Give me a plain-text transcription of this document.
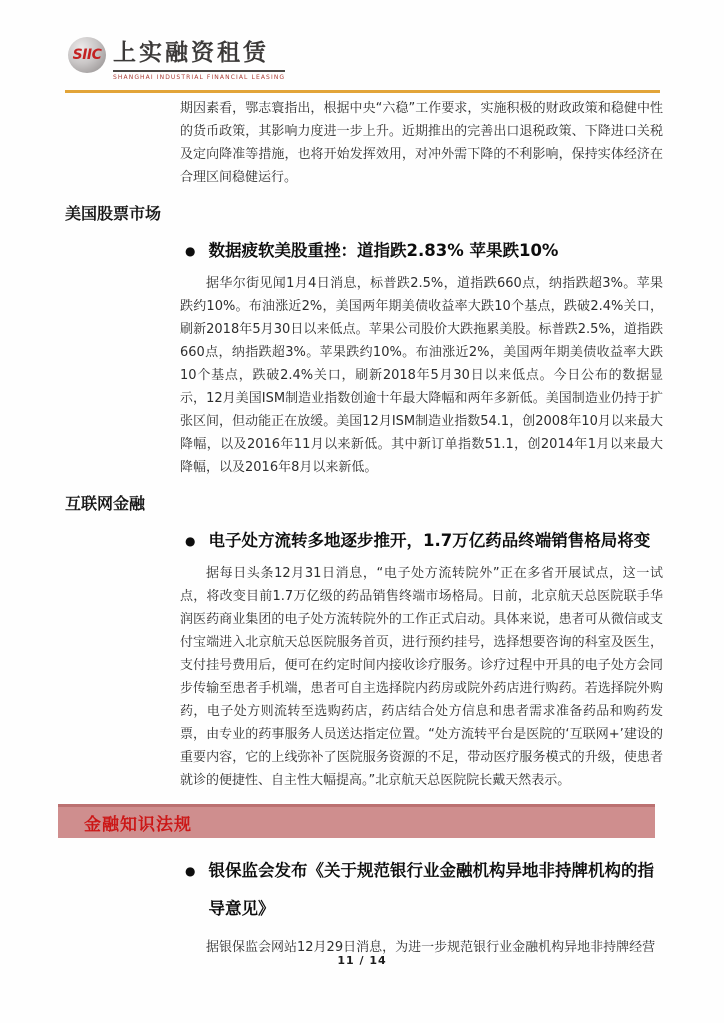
SIIC 上实融资租赁
SHANGHAI INDUSTRIAL FINANCIAL LEASING

期因素看，鄂志寰指出，根据中央“六稳”工作要求，实施积极的财政政策和稳健中性的货币政策，其影响力度进一步上升。近期推出的完善出口退税政策、下降进口关税及定向降准等措施，也将开始发挥效用，对冲外需下降的不利影响，保持实体经济在合理区间稳健运行。

美国股票市场
● 数据疲软美股重挫：道指跌2.83% 苹果跌10%

据华尔街见闻1月4日消息，标普跌2.5%，道指跌660点，纳指跌超3%。苹果跌约10%。布油涨近2%，美国两年期美债收益率大跌10个基点，跌破2.4%关口，刷新2018年5月30日以来低点。苹果公司股价大跌拖累美股。标普跌2.5%，道指跌660点，纳指跌超3%。苹果跌约10%。布油涨近2%，美国两年期美债收益率大跌10个基点，跌破2.4%关口，刷新2018年5月30日以来低点。今日公布的数据显示，12月美国ISM制造业指数创逾十年最大降幅和两年多新低。美国制造业仍持于扩张区间，但动能正在放缓。美国12月ISM制造业指数54.1，创2008年10月以来最大降幅，以及2016年11月以来新低。其中新订单指数51.1，创2014年1月以来最大降幅，以及2016年8月以来新低。

互联网金融
● 电子处方流转多地逐步推开，1.7万亿药品终端销售格局将变

据每日头条12月31日消息，“电子处方流转院外”正在多省开展试点，这一试点，将改变目前1.7万亿级的药品销售终端市场格局。日前，北京航天总医院联手华润医药商业集团的电子处方流转院外的工作正式启动。具体来说，患者可从微信或支付宝端进入北京航天总医院服务首页，进行预约挂号，选择想要咨询的科室及医生，支付挂号费用后，便可在约定时间内接收诊疗服务。诊疗过程中开具的电子处方会同步传输至患者手机端，患者可自主选择院内药房或院外药店进行购药。若选择院外购药，电子处方则流转至选购药店，药店结合处方信息和患者需求准备药品和购药发票，由专业的药事服务人员送达指定位置。“处方流转平台是医院的‘互联网+’建设的重要内容，它的上线弥补了医院服务资源的不足，带动医疗服务模式的升级，使患者就诊的便捷性、自主性大幅提高。”北京航天总医院院长戴天然表示。

金融知识法规
● 银保监会发布《关于规范银行业金融机构异地非持牌机构的指导意见》

据银保监会网站12月29日消息，为进一步规范银行业金融机构异地非持牌经营

11 / 14
